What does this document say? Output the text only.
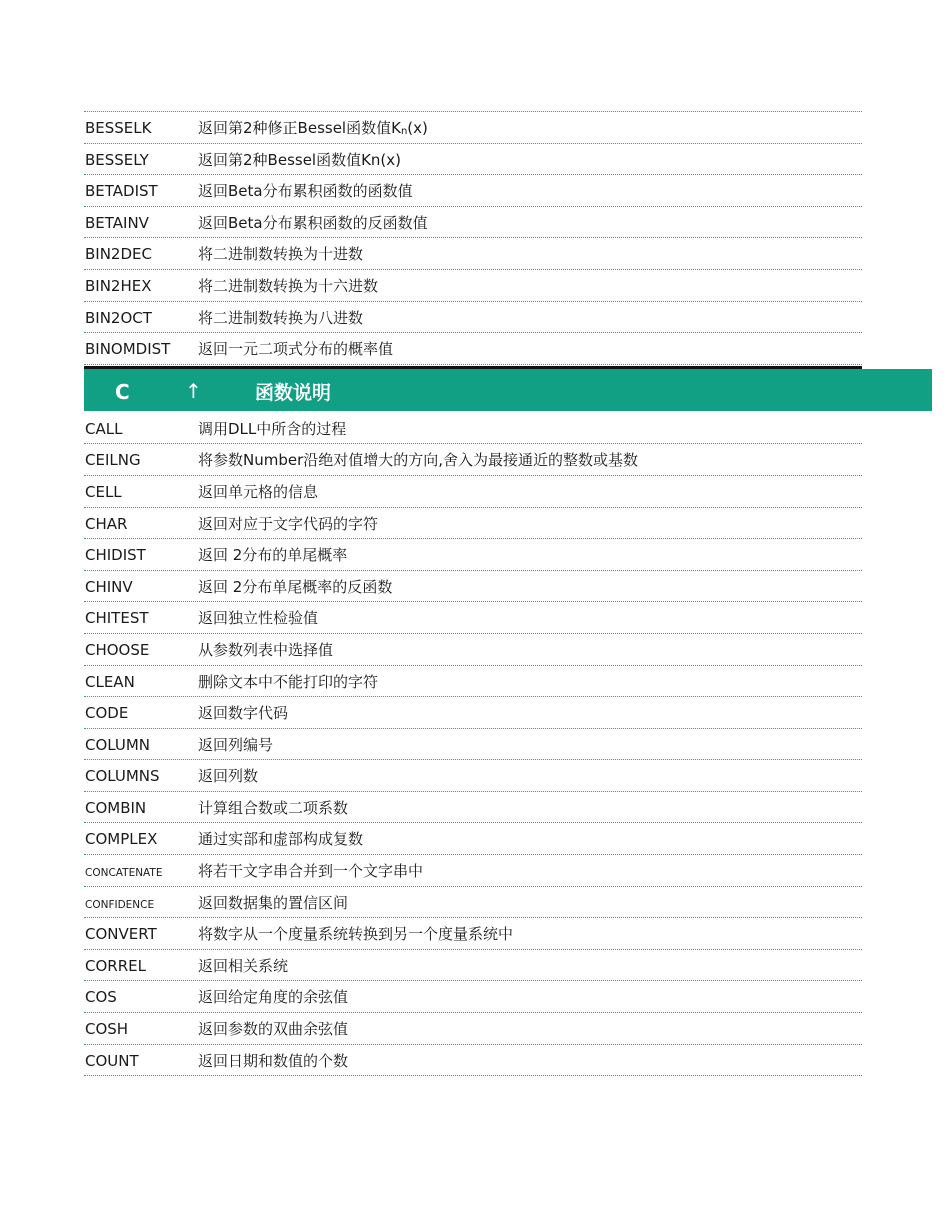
BESSELK	返回第2种修正Bessel函数值Kn(x)
BESSELY	返回第2种Bessel函数值Kn(x)
BETADIST	返回Beta分布累积函数的函数值
BETAINV	返回Beta分布累积函数的反函数值
BIN2DEC	将二进制数转换为十进数
BIN2HEX	将二进制数转换为十六进数
BIN2OCT	将二进制数转换为八进数
BINOMDIST 返回一元二项式分布的概率值
C	↑	函数说明
CALL	调用DLL中所含的过程
CEILNG	将参数Number沿绝对值增大的方向,舍入为最接通近的整数或基数
CELL	返回单元格的信息
CHAR	返回对应于文字代码的字符
CHIDIST	返回 2分布的单尾概率
CHINV	返回 2分布单尾概率的反函数
CHITEST	返回独立性检验值
CHOOSE	从参数列表中选择值
CLEAN	删除文本中不能打印的字符
CODE	返回数字代码
COLUMN	返回列编号
COLUMNS	返回列数
COMBIN	计算组合数或二项系数
COMPLEX	通过实部和虚部构成复数
CONCATENATE 将若干文字串合并到一个文字串中
CONFIDENCE	返回数据集的置信区间
CONVERT	将数字从一个度量系统转换到另一个度量系统中
CORREL	返回相关系统
COS	返回给定角度的余弦值
COSH	返回参数的双曲余弦值
COUNT	返回日期和数值的个数
